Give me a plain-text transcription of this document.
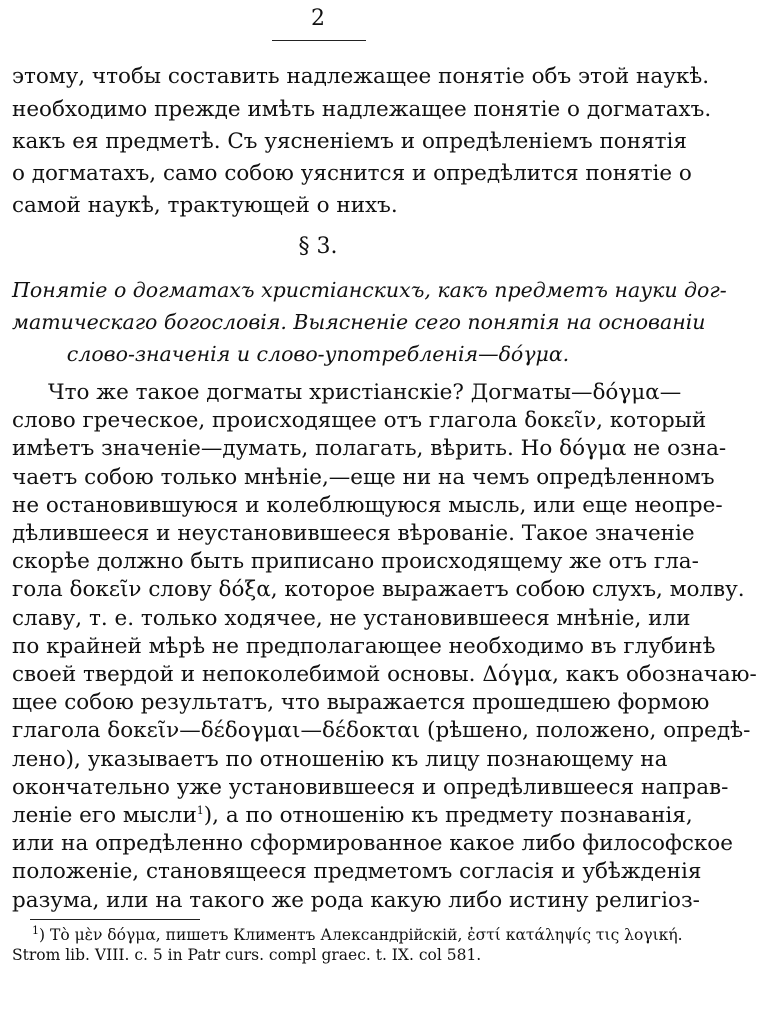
2
этому, чтобы составить надлежащее понятіе объ этой наукѣ.
необходимо прежде имѣть надлежащее понятіе о догматахъ.
какъ ея предметѣ. Съ уясненіемъ и опредѣленіемъ понятія
о догматахъ, само собою уяснится и опредѣлится понятіе о
самой наукѣ, трактующей о нихъ.
§ 3.
Понятіе о догматахъ христіанскихъ, какъ предметъ науки дог-
матическаго богословія. Выясненіе сего понятія на основаніи
слово-значенія и слово-употребленія—δόγμα.
Что же такое догматы христіанскіе? Догматы—δόγμα—
слово греческое, происходящее отъ глагола δοκεῖν, который
имѣетъ значеніе—думать, полагать, вѣрить. Но δόγμα не озна-
чаетъ собою только мнѣніе,—еще ни на чемъ опредѣленномъ
не остановившуюся и колеблющуюся мысль, или еще неопре-
дѣлившееся и неустановившееся вѣрованіе. Такое значеніе
скорѣе должно быть приписано происходящему же отъ гла-
гола δοκεῖν слову δόξα, которое выражаетъ собою слухъ, молву.
славу, т. е. только ходячее, не установившееся мнѣніе, или
по крайней мѣрѣ не предполагающее необходимо въ глубинѣ
своей твердой и непоколебимой основы. Δόγμα, какъ обозначаю-
щее собою результатъ, что выражается прошедшею формою
глагола δοκεῖν—δέδογμαι—δέδοκται (рѣшено, положено, опредѣ-
лено), указываетъ по отношенію къ лицу познающему на
окончательно уже установившееся и опредѣлившееся направ-
леніе его мысли $^1$), а по отношенію къ предмету познаванія,
или на опредѣленно сформированное какое либо философское
положеніе, становящееся предметомъ согласія и убѣжденія
разума, или на такого же рода какую либо истину религіоз-
$^1$) Τὸ μὲν δόγμα, пишетъ Климентъ Александрійскій, ἐστί κατάληψίς τις λογική.
Strom lib. VIII. c. 5 in Patr curs. compl graec. t. IX. col 581.
